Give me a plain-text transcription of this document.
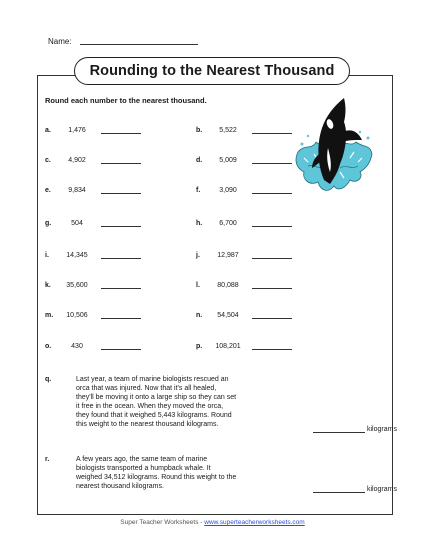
Name:
Rounding to the Nearest Thousand
Round each number to the nearest thousand.
a.	1,476	b.	5,522
c.	4,902	d.	5,009
e.	9,834	f.	3,090
g.	504	h.	6,700
i.	14,345	j.	12,987
k.	35,600	l.	80,088
m.	10,506	n.	54,504
o.	430	p.	108,201
q.	Last year, a team of marine biologists rescued an
orca that was injured. Now that it's all healed,
they'll be moving it onto a large ship so they can set
it free in the ocean. When they moved the orca,
they found that it weighed 5,443 kilograms. Round
this weight to the nearest thousand kilograms.
kilograms
r.	A few years ago, the same team of marine
biologists transported a humpback whale. It
weighed 34,512 kilograms. Round this weight to the
nearest thousand kilograms.	kilograms
Super Teacher Worksheets - www.superteacherworksheets.com
